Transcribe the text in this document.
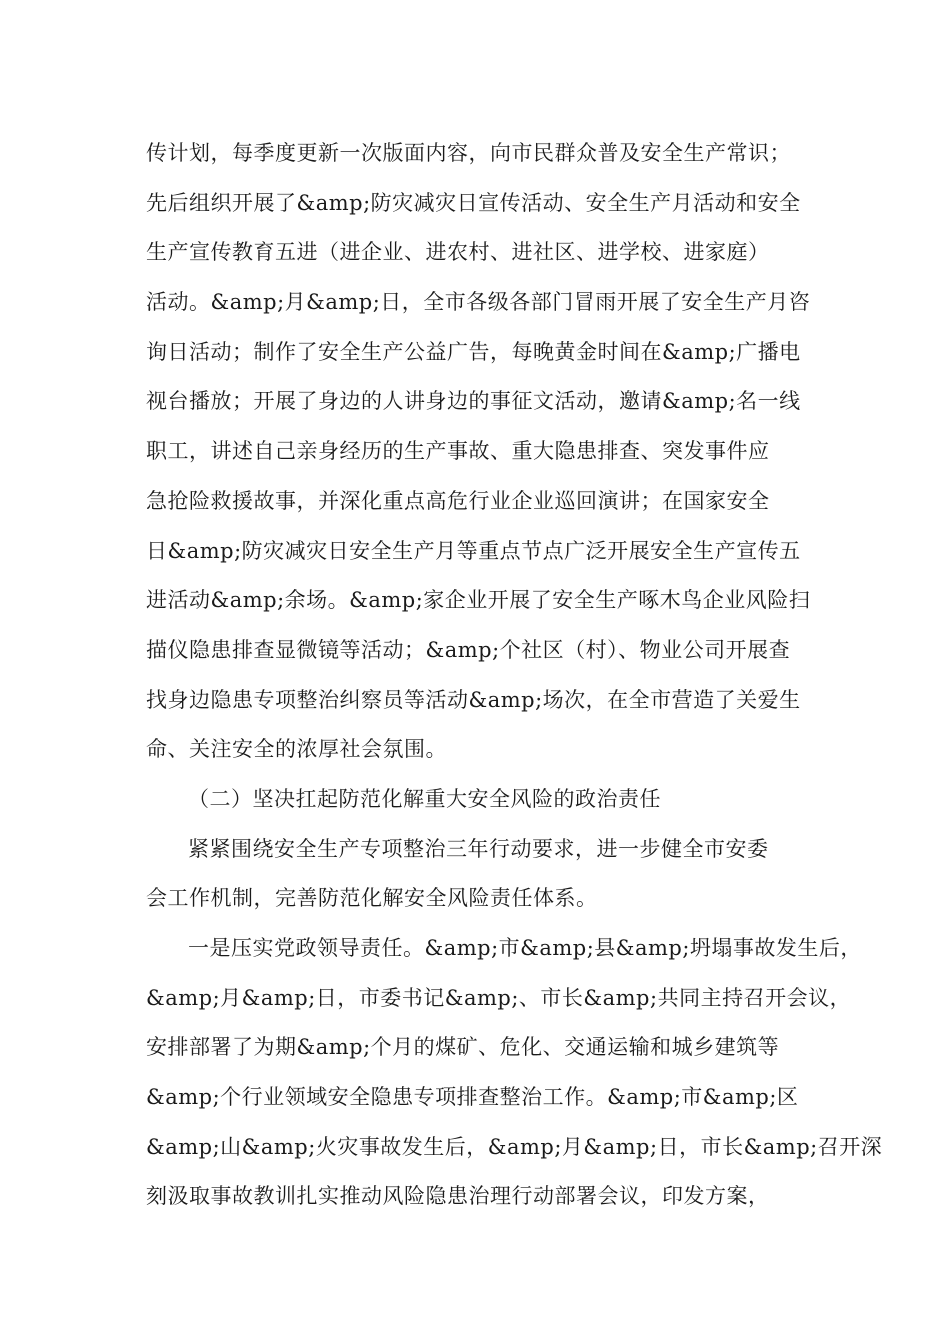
传计划，每季度更新一次版面内容，向市民群众普及安全生产常识；
先后组织开展了&amp;防灾减灾日宣传活动、安全生产月活动和安全
生产宣传教育五进（进企业、进农村、进社区、进学校、进家庭）
活动。&amp;月&amp;日，全市各级各部门冒雨开展了安全生产月咨
询日活动；制作了安全生产公益广告，每晚黄金时间在&amp;广播电
视台播放；开展了身边的人讲身边的事征文活动，邀请&amp;名一线
职工，讲述自己亲身经历的生产事故、重大隐患排查、突发事件应
急抢险救援故事，并深化重点高危行业企业巡回演讲；在国家安全
日&amp;防灾减灾日安全生产月等重点节点广泛开展安全生产宣传五
进活动&amp;余场。&amp;家企业开展了安全生产啄木鸟企业风险扫
描仪隐患排查显微镜等活动；&amp;个社区（村）、物业公司开展查
找身边隐患专项整治纠察员等活动&amp;场次，在全市营造了关爱生
命、关注安全的浓厚社会氛围。
（二）坚决扛起防范化解重大安全风险的政治责任
紧紧围绕安全生产专项整治三年行动要求，进一步健全市安委
会工作机制，完善防范化解安全风险责任体系。
一是压实党政领导责任。&amp;市&amp;县&amp;坍塌事故发生后，
&amp;月&amp;日，市委书记&amp;、市长&amp;共同主持召开会议，
安排部署了为期&amp;个月的煤矿、危化、交通运输和城乡建筑等
&amp;个行业领域安全隐患专项排查整治工作。&amp;市&amp;区
&amp;山&amp;火灾事故发生后，&amp;月&amp;日，市长&amp;召开深
刻汲取事故教训扎实推动风险隐患治理行动部署会议，印发方案，
